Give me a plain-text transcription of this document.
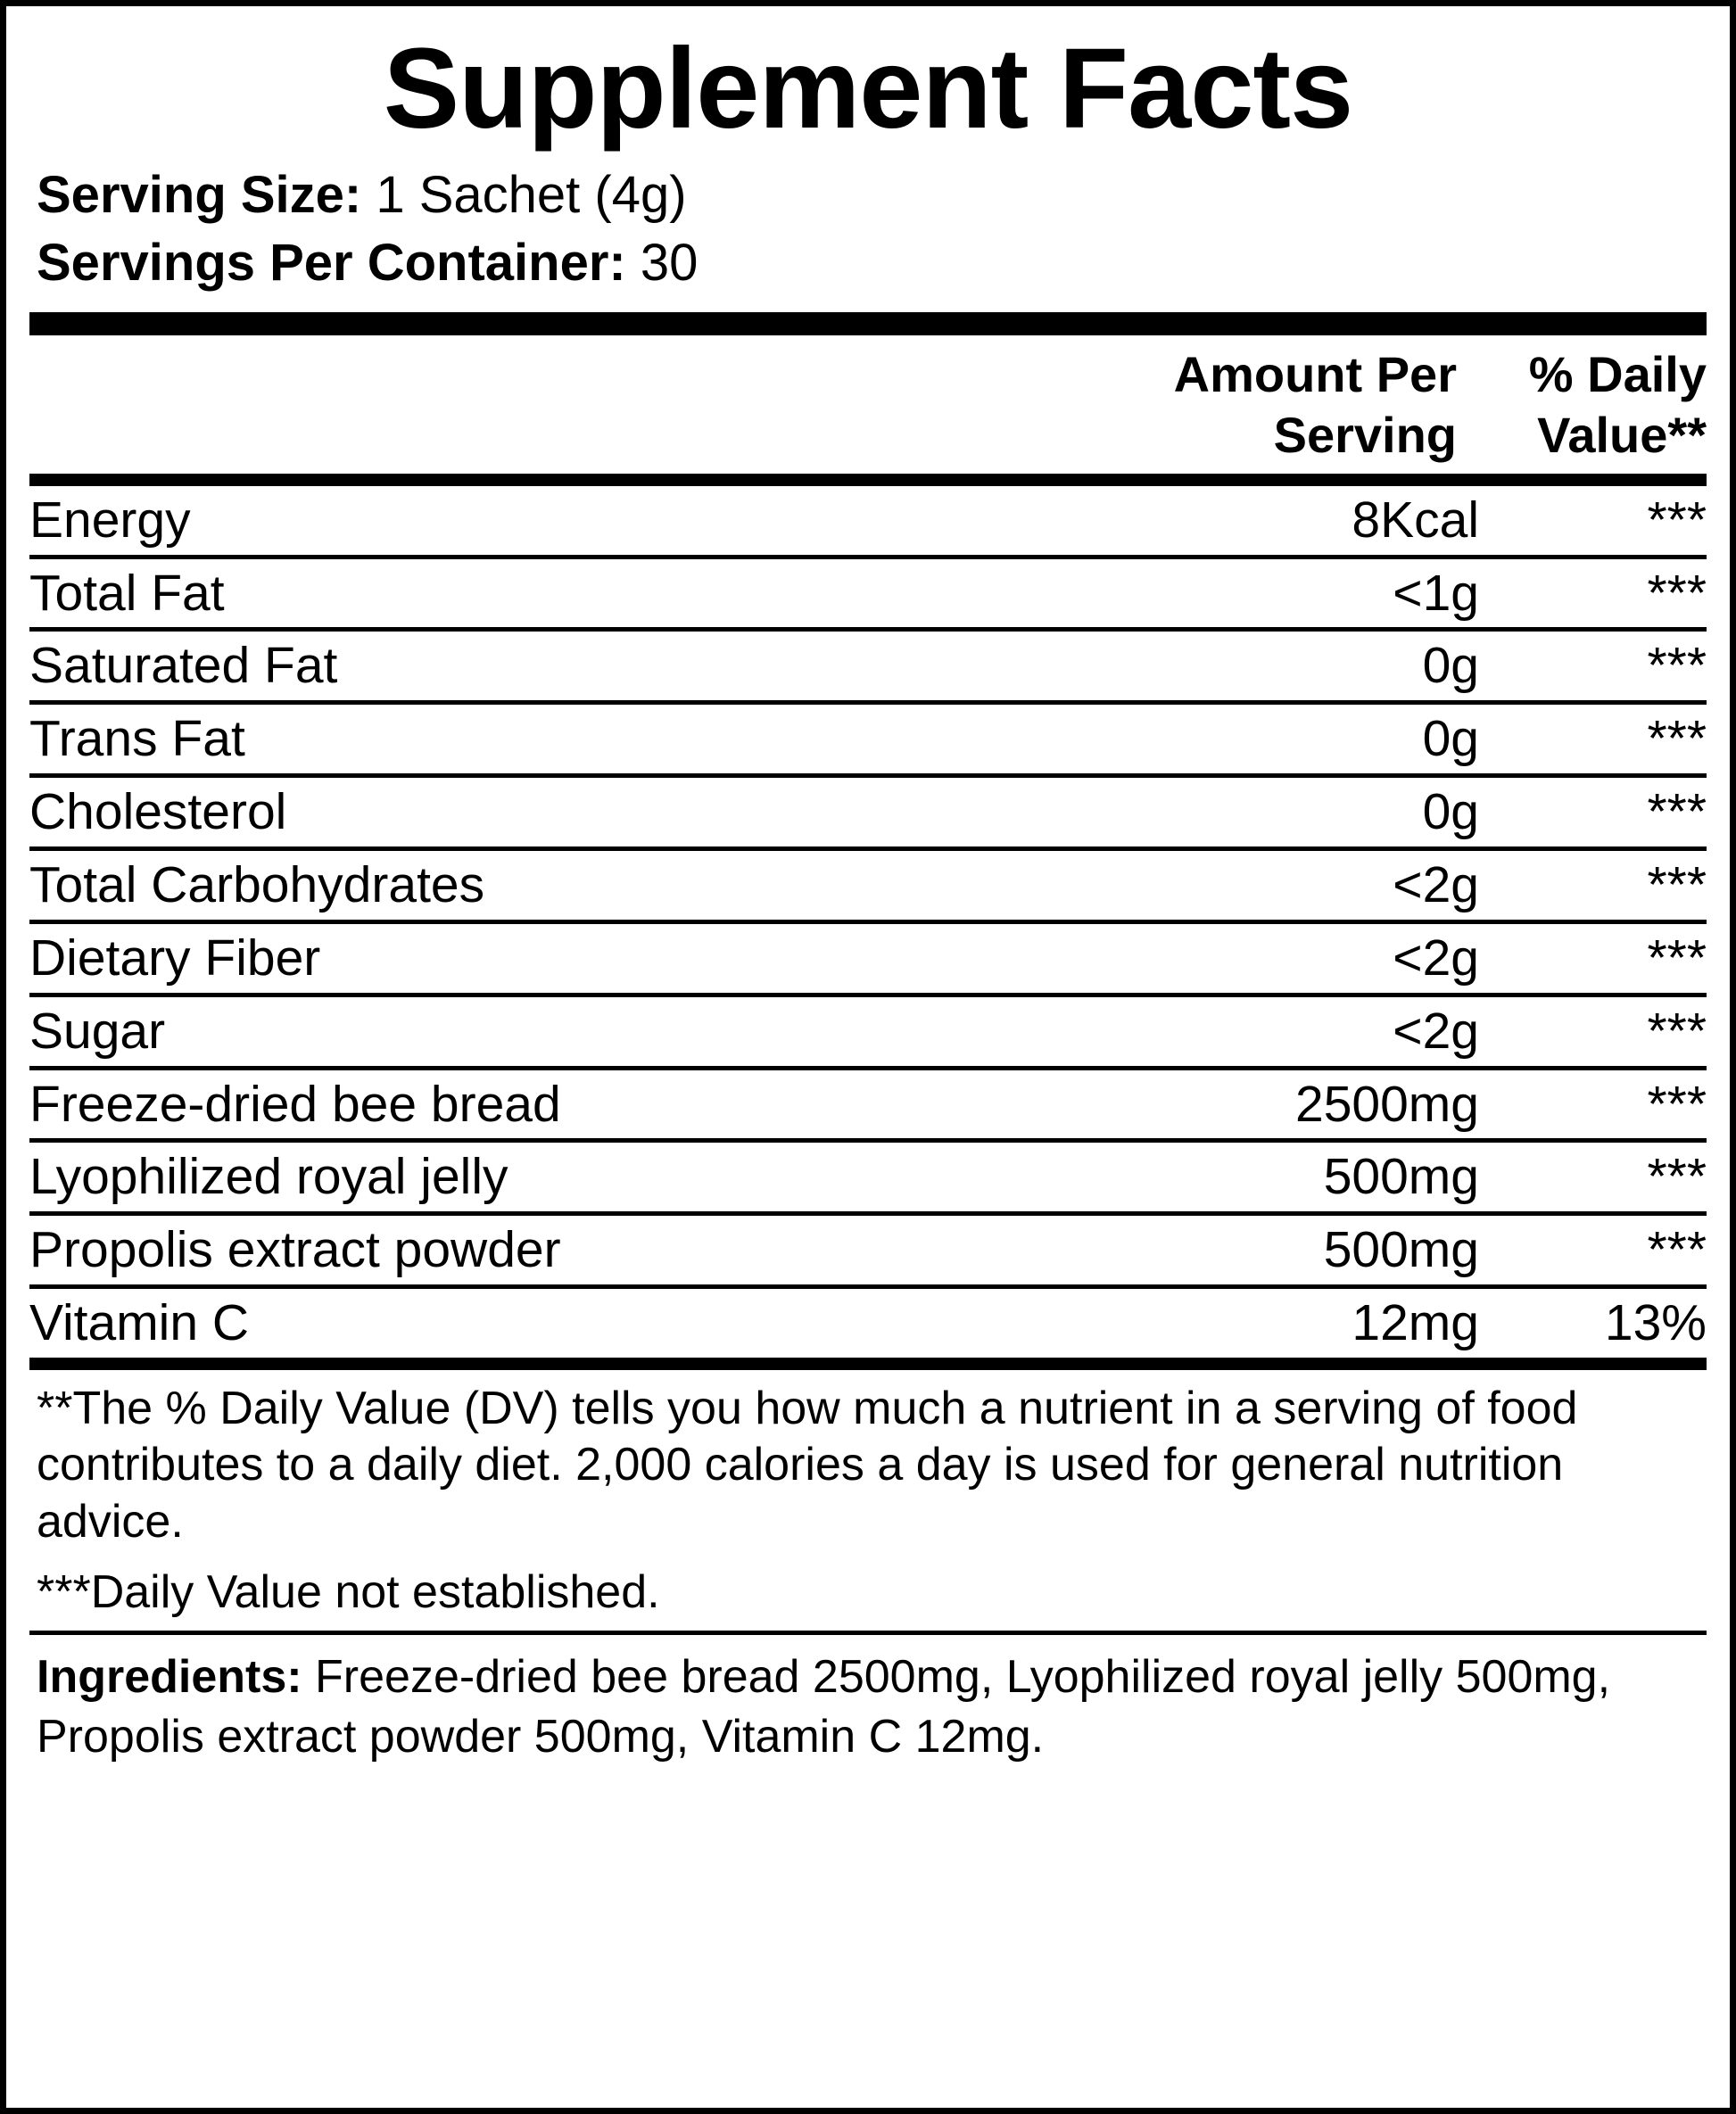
Supplement Facts
Serving Size: 1 Sachet (4g)
Servings Per Container: 30
Amount Per Serving
% Daily Value**
Energy	8Kcal	***
Total Fat	<1g	***
Saturated Fat	0g	***
Trans Fat	0g	***
Cholesterol	0g	***
Total Carbohydrates	<2g	***
Dietary Fiber	<2g	***
Sugar	<2g	***
Freeze-dried bee bread	2500mg	***
Lyophilized royal jelly	500mg	***
Propolis extract powder	500mg	***
Vitamin C	12mg	13%
**The % Daily Value (DV) tells you how much a nutrient in a serving of food contributes to a daily diet. 2,000 calories a day is used for general nutrition advice.
***Daily Value not established.
Ingredients: Freeze-dried bee bread 2500mg, Lyophilized royal jelly 500mg, Propolis extract powder 500mg, Vitamin C 12mg.
